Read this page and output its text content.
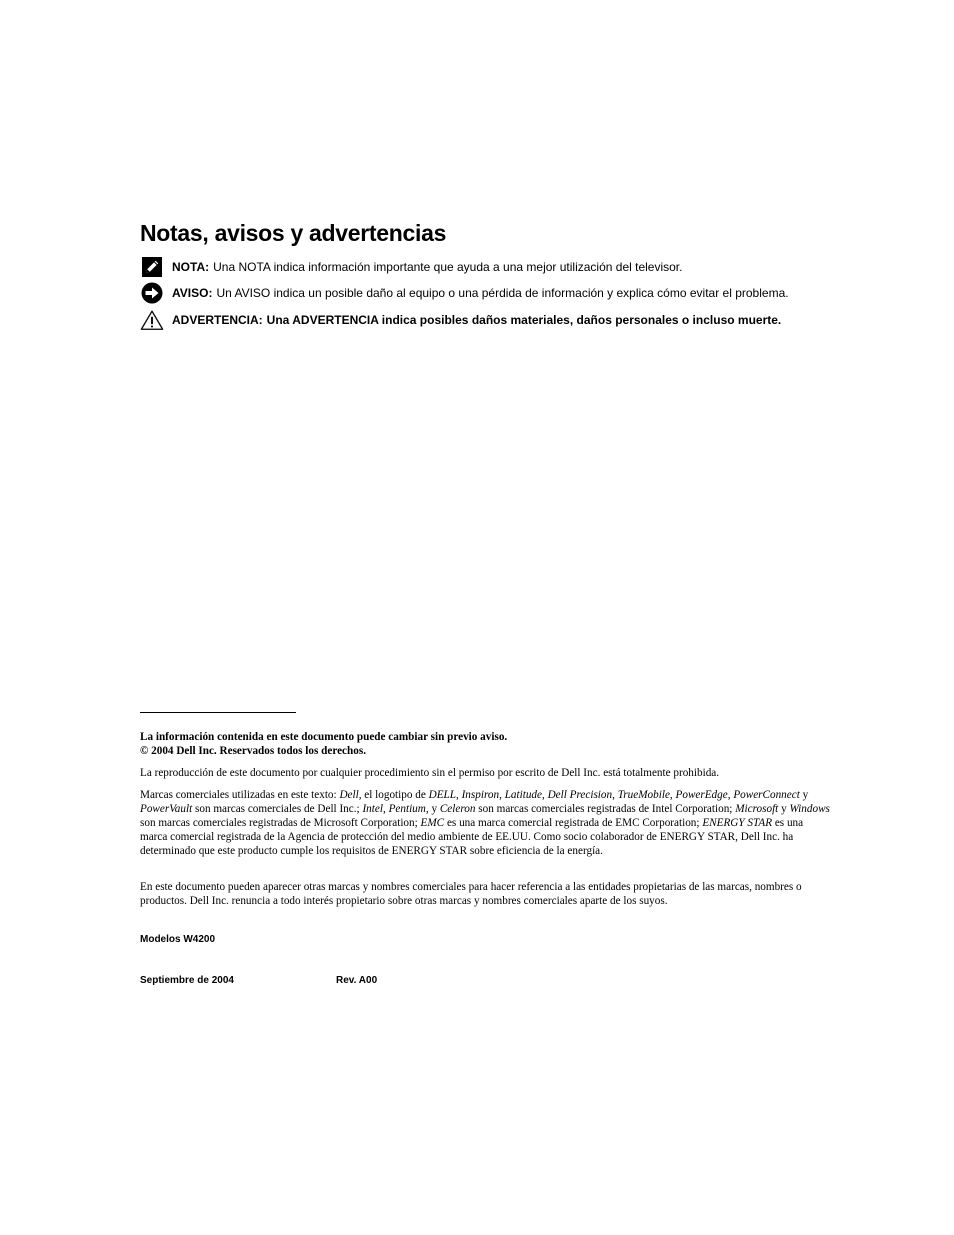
Notas, avisos y advertencias
NOTA: Una NOTA indica información importante que ayuda a una mejor utilización del televisor.
AVISO: Un AVISO indica un posible daño al equipo o una pérdida de información y explica cómo evitar el problema.
ADVERTENCIA: Una ADVERTENCIA indica posibles daños materiales, daños personales o incluso muerte.

La información contenida en este documento puede cambiar sin previo aviso.
© 2004 Dell Inc. Reservados todos los derechos.

La reproducción de este documento por cualquier procedimiento sin el permiso por escrito de Dell Inc. está totalmente prohibida.

Marcas comerciales utilizadas en este texto: Dell, el logotipo de DELL, Inspiron, Latitude, Dell Precision, TrueMobile, PowerEdge, PowerConnect y PowerVault son marcas comerciales de Dell Inc.; Intel, Pentium, y Celeron son marcas comerciales registradas de Intel Corporation; Microsoft y Windows son marcas comerciales registradas de Microsoft Corporation; EMC es una marca comercial registrada de EMC Corporation; ENERGY STAR es una marca comercial registrada de la Agencia de protección del medio ambiente de EE.UU. Como socio colaborador de ENERGY STAR, Dell Inc. ha determinado que este producto cumple los requisitos de ENERGY STAR sobre eficiencia de la energía.

En este documento pueden aparecer otras marcas y nombres comerciales para hacer referencia a las entidades propietarias de las marcas, nombres o productos. Dell Inc. renuncia a todo interés propietario sobre otras marcas y nombres comerciales aparte de los suyos.

Modelos W4200
Septiembre de 2004	Rev. A00
